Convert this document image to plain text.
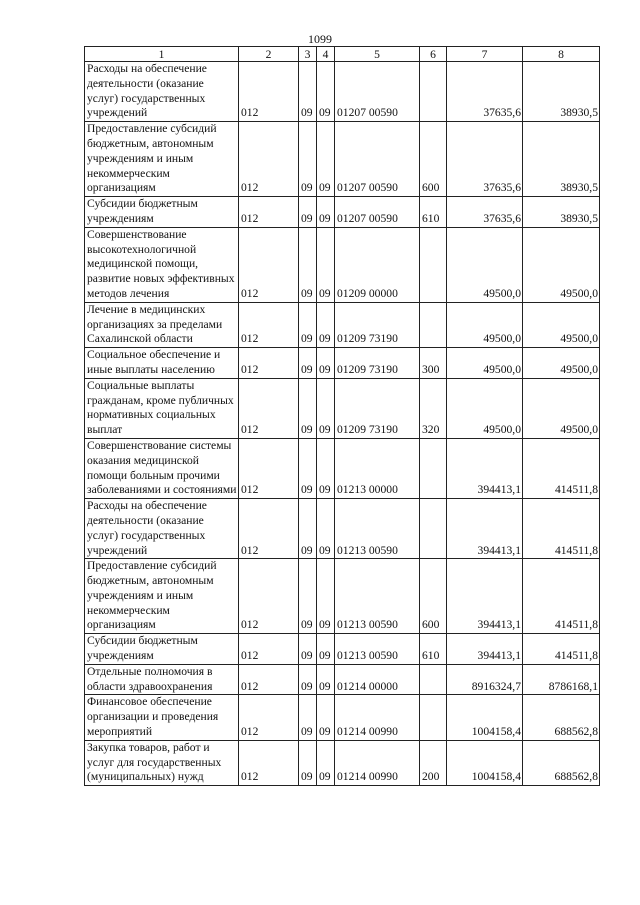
1099
1	2	3	4	5	6	7	8
Расходы на обеспечение деятельности (оказание услуг) государственных учреждений	012	09	09	01207 00590		37635,6	38930,5
Предоставление субсидий бюджетным, автономным учреждениям и иным некоммерческим организациям	012	09	09	01207 00590	600	37635,6	38930,5
Субсидии бюджетным учреждениям	012	09	09	01207 00590	610	37635,6	38930,5
Совершенствование высокотехнологичной медицинской помощи, развитие новых эффективных методов лечения	012	09	09	01209 00000		49500,0	49500,0
Лечение в медицинских организациях за пределами Сахалинской области	012	09	09	01209 73190		49500,0	49500,0
Социальное обеспечение и иные выплаты населению	012	09	09	01209 73190	300	49500,0	49500,0
Социальные выплаты гражданам, кроме публичных нормативных социальных выплат	012	09	09	01209 73190	320	49500,0	49500,0
Совершенствование системы оказания медицинской помощи больным прочими заболеваниями и состояниями	012	09	09	01213 00000		394413,1	414511,8
Расходы на обеспечение деятельности (оказание услуг) государственных учреждений	012	09	09	01213 00590		394413,1	414511,8
Предоставление субсидий бюджетным, автономным учреждениям и иным некоммерческим организациям	012	09	09	01213 00590	600	394413,1	414511,8
Субсидии бюджетным учреждениям	012	09	09	01213 00590	610	394413,1	414511,8
Отдельные полномочия в области здравоохранения	012	09	09	01214 00000		8916324,7	8786168,1
Финансовое обеспечение организации и проведения мероприятий	012	09	09	01214 00990		1004158,4	688562,8
Закупка товаров, работ и услуг для государственных (муниципальных) нужд	012	09	09	01214 00990	200	1004158,4	688562,8
